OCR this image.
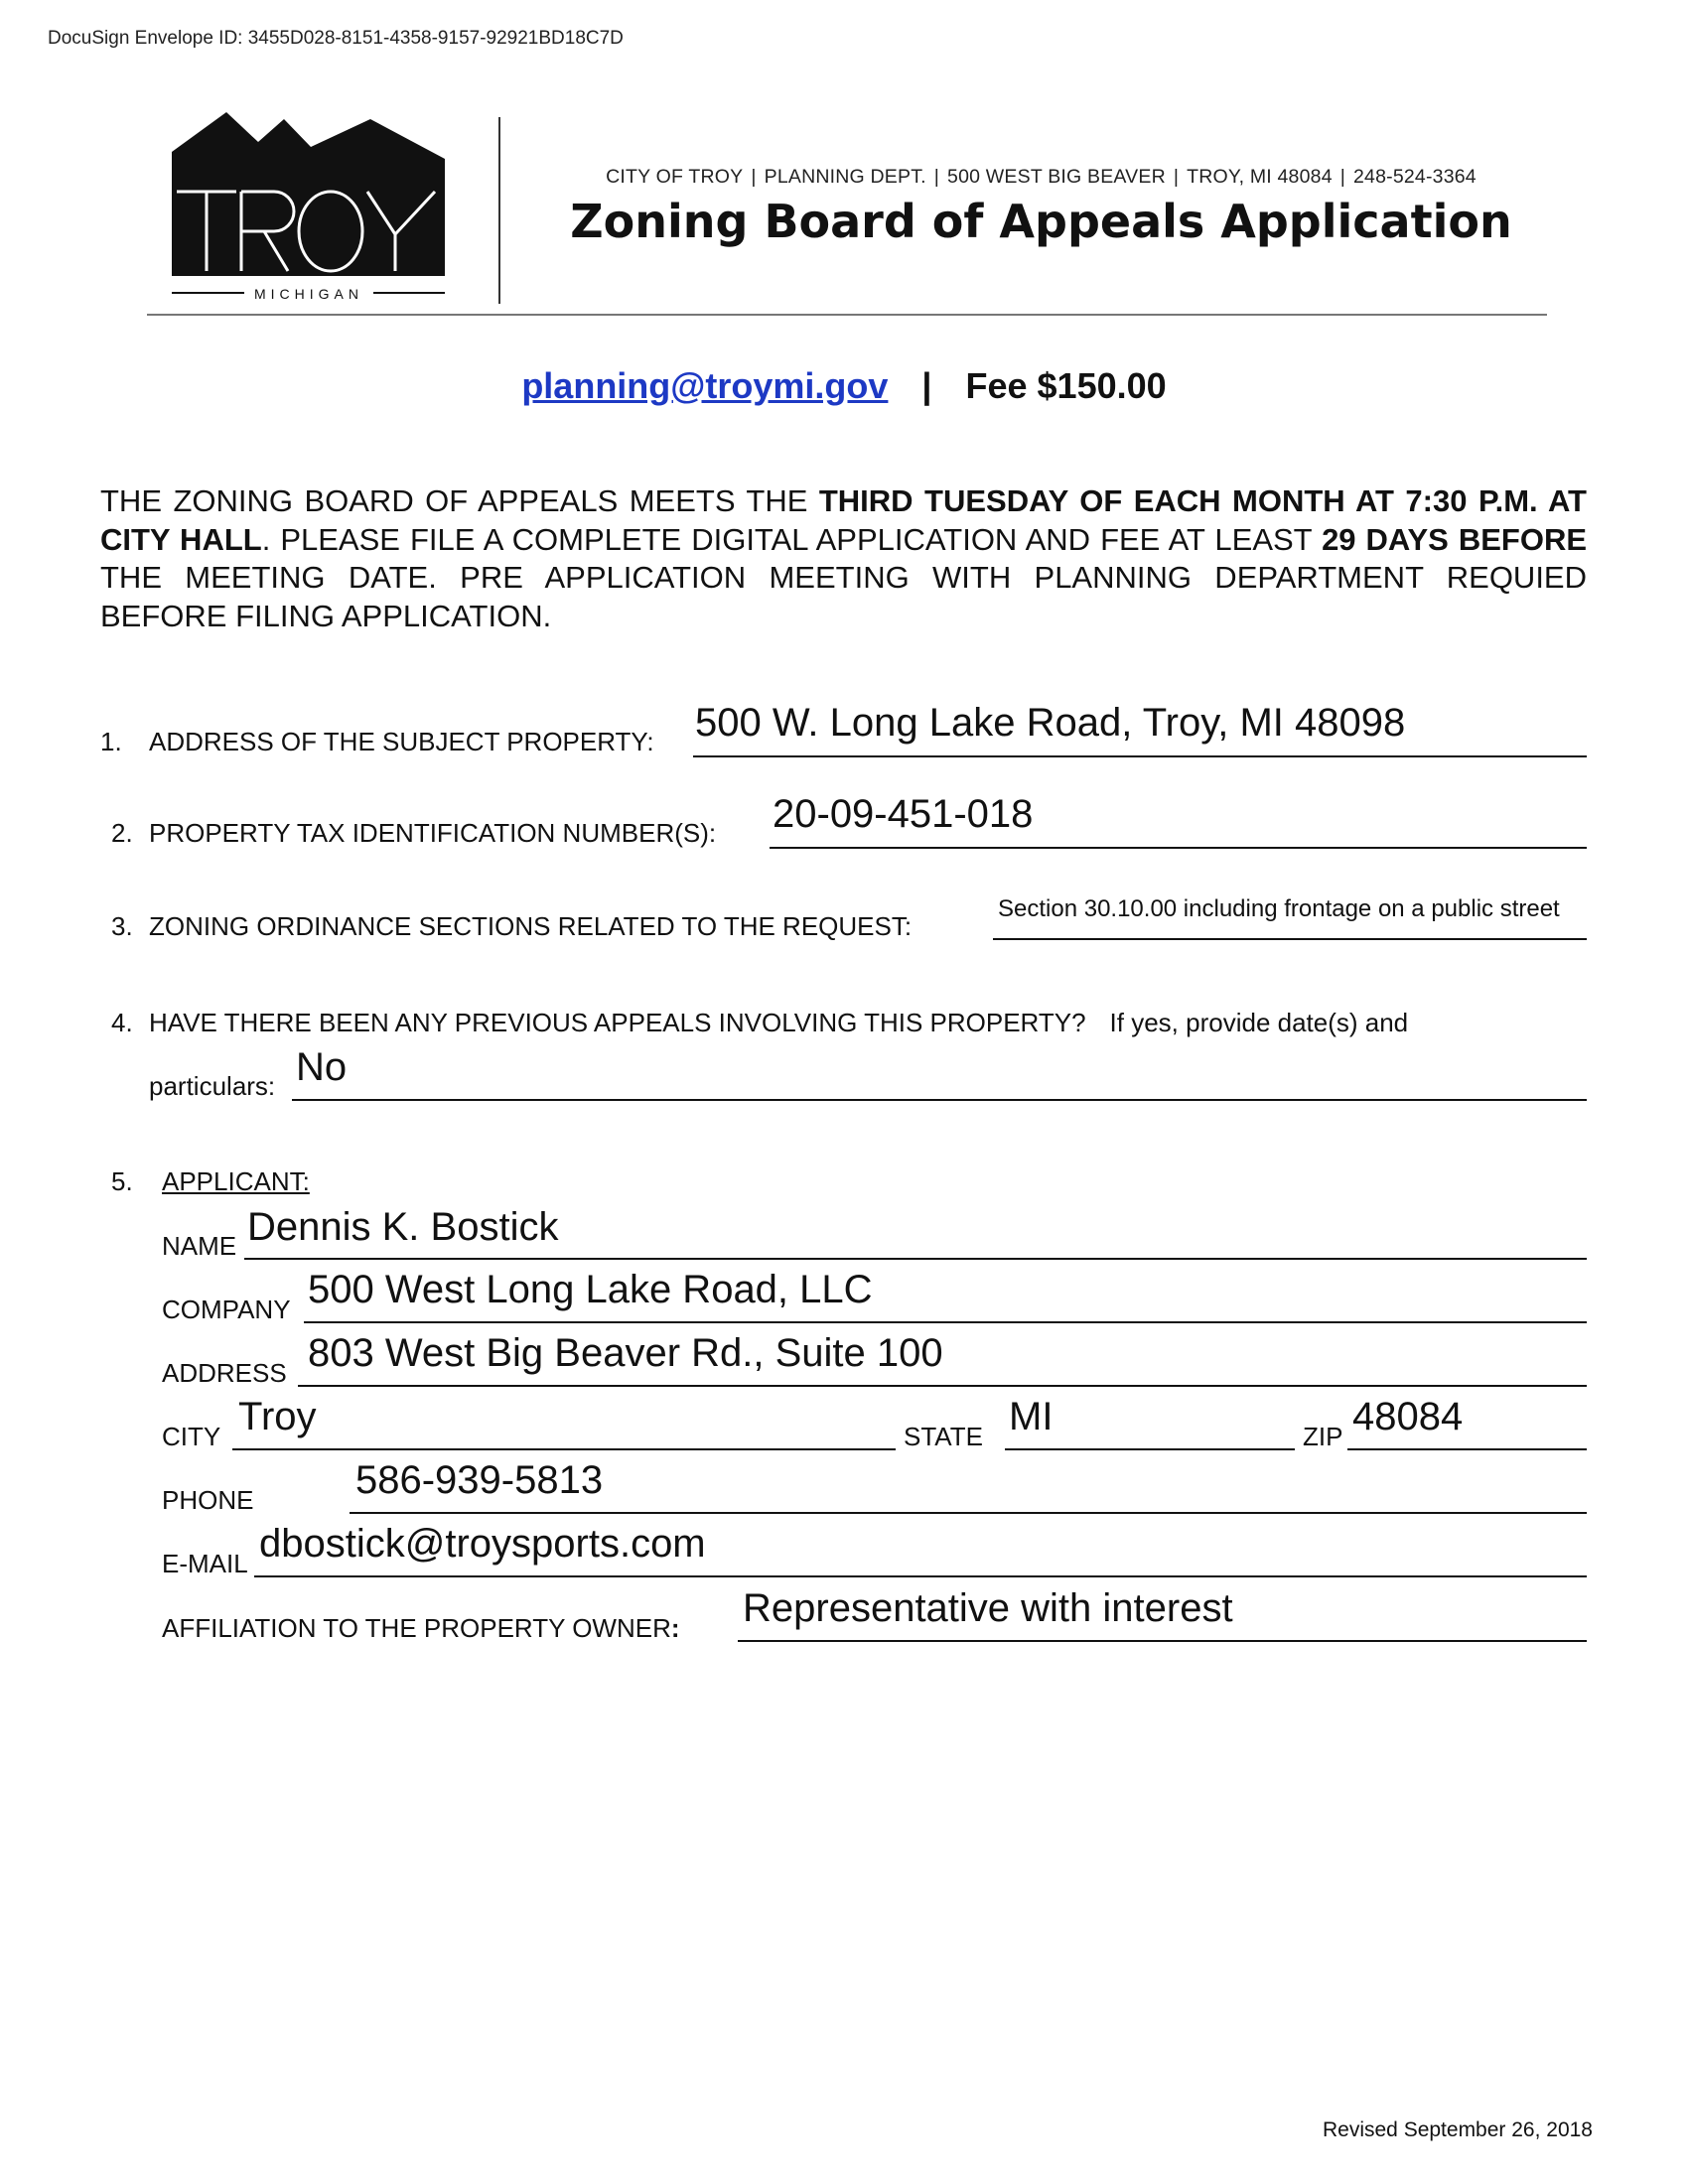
DocuSign Envelope ID: 3455D028-8151-4358-9157-92921BD18C7D
MICHIGAN
CITY OF TROY | PLANNING DEPT. | 500 WEST BIG BEAVER | TROY, MI 48084 | 248-524-3364
Zoning Board of Appeals Application
planning@troymi.gov | Fee $150.00
THE ZONING BOARD OF APPEALS MEETS THE THIRD TUESDAY OF EACH MONTH AT 7:30 P.M. AT CITY HALL. PLEASE FILE A COMPLETE DIGITAL APPLICATION AND FEE AT LEAST 29 DAYS BEFORE THE MEETING DATE. PRE APPLICATION MEETING WITH PLANNING DEPARTMENT REQUIED BEFORE FILING APPLICATION.
1. ADDRESS OF THE SUBJECT PROPERTY: 500 W. Long Lake Road, Troy, MI 48098
2. PROPERTY TAX IDENTIFICATION NUMBER(S): 20-09-451-018
3. ZONING ORDINANCE SECTIONS RELATED TO THE REQUEST:
Section 30.10.00 including frontage on a public street
4. HAVE THERE BEEN ANY PREVIOUS APPEALS INVOLVING THIS PROPERTY? If yes, provide date(s) and
particulars: No
5. APPLICANT:
NAME Dennis K. Bostick
COMPANY 500 West Long Lake Road, LLC
ADDRESS 803 West Big Beaver Rd., Suite 100
CITY Troy	STATE MI	ZIP 48084
PHONE	586-939-5813
E-MAIL dbostick@troysports.com
AFFILIATION TO THE PROPERTY OWNER: Representative with interest
Revised September 26, 2018
